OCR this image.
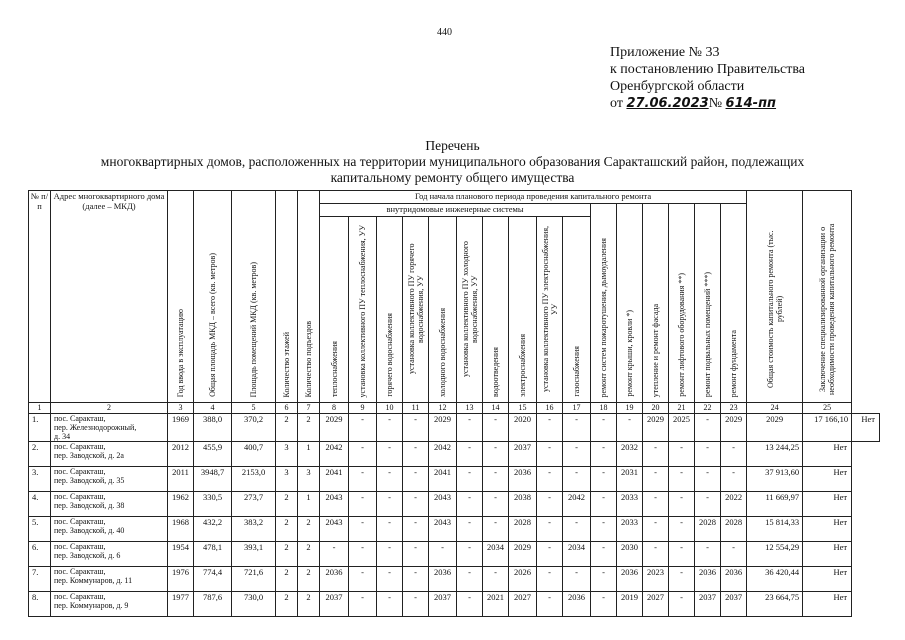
440
Приложение № 33
к постановлению Правительства
Оренбургской области
от 27.06.2023№ 614-пп
Перечень
многоквартирных домов, расположенных на территории муниципального образования Саракташский район, подлежащих
капитальному ремонту общего имущества
№ п/п	Адрес многоквартирного дома (далее – МКД)	Год ввода в эксплуатацию	Общая площадь МКД – всего (кв. метров)	Площадь помещений МКД (кв. метров)	Количество этажей	Количество подъездов	Год начала планового периода проведения капитального ремонта																Общая стоимость капитального ремонта (тыс. рублей)	Заключение специализированной организации о необходимости проведения капитального ремонта	
							внутридомовые инженерные системы										ремонт систем пожаротушения, дымоудаления	ремонт крыши, кровли *)	утепление и ремонт фасада	ремонт лифтового оборудования **)	ремонт подвальных помещений ***)	ремонт фундамента			
							теплоснабжения	установка коллективного ПУ теплоснабжения, УУ	горячего водоснабжения	установка коллективного ПУ горячего водоснабжения, УУ	холодного водоснабжения	установка коллективного ПУ холодного водоснабжения, УУ	водоотведения	электроснабжения	установка коллективного ПУ электроснабжения, УУ	газоснабжения									
1	2	3	4	5	6	7	8	9	10	11	12	13	14	15	16	17	18	19	20	21	22	23	24	25	
1.	пос. Саракташ,
пер. Железнодорожный,
д. 34	1969	388,0	370,2	2	2	2029	-	-	-	2029	-	-	2020	-	-	-	-	2029	2025	-	2029	2029	17 166,10	Нет
2.	пос. Саракташ,
пер. Заводской, д. 2а	2012	455,9	400,7	3	1	2042	-	-	-	2042	-	-	2037	-	-	-	2032	-	-	-	-	13 244,25	Нет	
3.	пос. Саракташ,
пер. Заводской, д. 35	2011	3948,7	2153,0	3	3	2041	-	-	-	2041	-	-	2036	-	-	-	2031	-	-	-	-	37 913,60	Нет	
4.	пос. Саракташ,
пер. Заводской, д. 38	1962	330,5	273,7	2	1	2043	-	-	-	2043	-	-	2038	-	2042	-	2033	-	-	-	2022	11 669,97	Нет	
5.	пос. Саракташ,
пер. Заводской, д. 40	1968	432,2	383,2	2	2	2043	-	-	-	2043	-	-	2028	-	-	-	2033	-	-	2028	2028	15 814,33	Нет	
6.	пос. Саракташ,
пер. Заводской, д. 6	1954	478,1	393,1	2	2	-	-	-	-	-	-	2034	2029	-	2034	-	2030	-	-	-	-	12 554,29	Нет	
7.	пос. Саракташ,
пер. Коммунаров, д. 11	1976	774,4	721,6	2	2	2036	-	-	-	2036	-	-	2026	-	-	-	2036	2023	-	2036	2036	36 420,44	Нет	
8.	пос. Саракташ,
пер. Коммунаров, д. 9	1977	787,6	730,0	2	2	2037	-	-	-	2037	-	2021	2027	-	2036	-	2019	2027	-	2037	2037	23 664,75	Нет	
